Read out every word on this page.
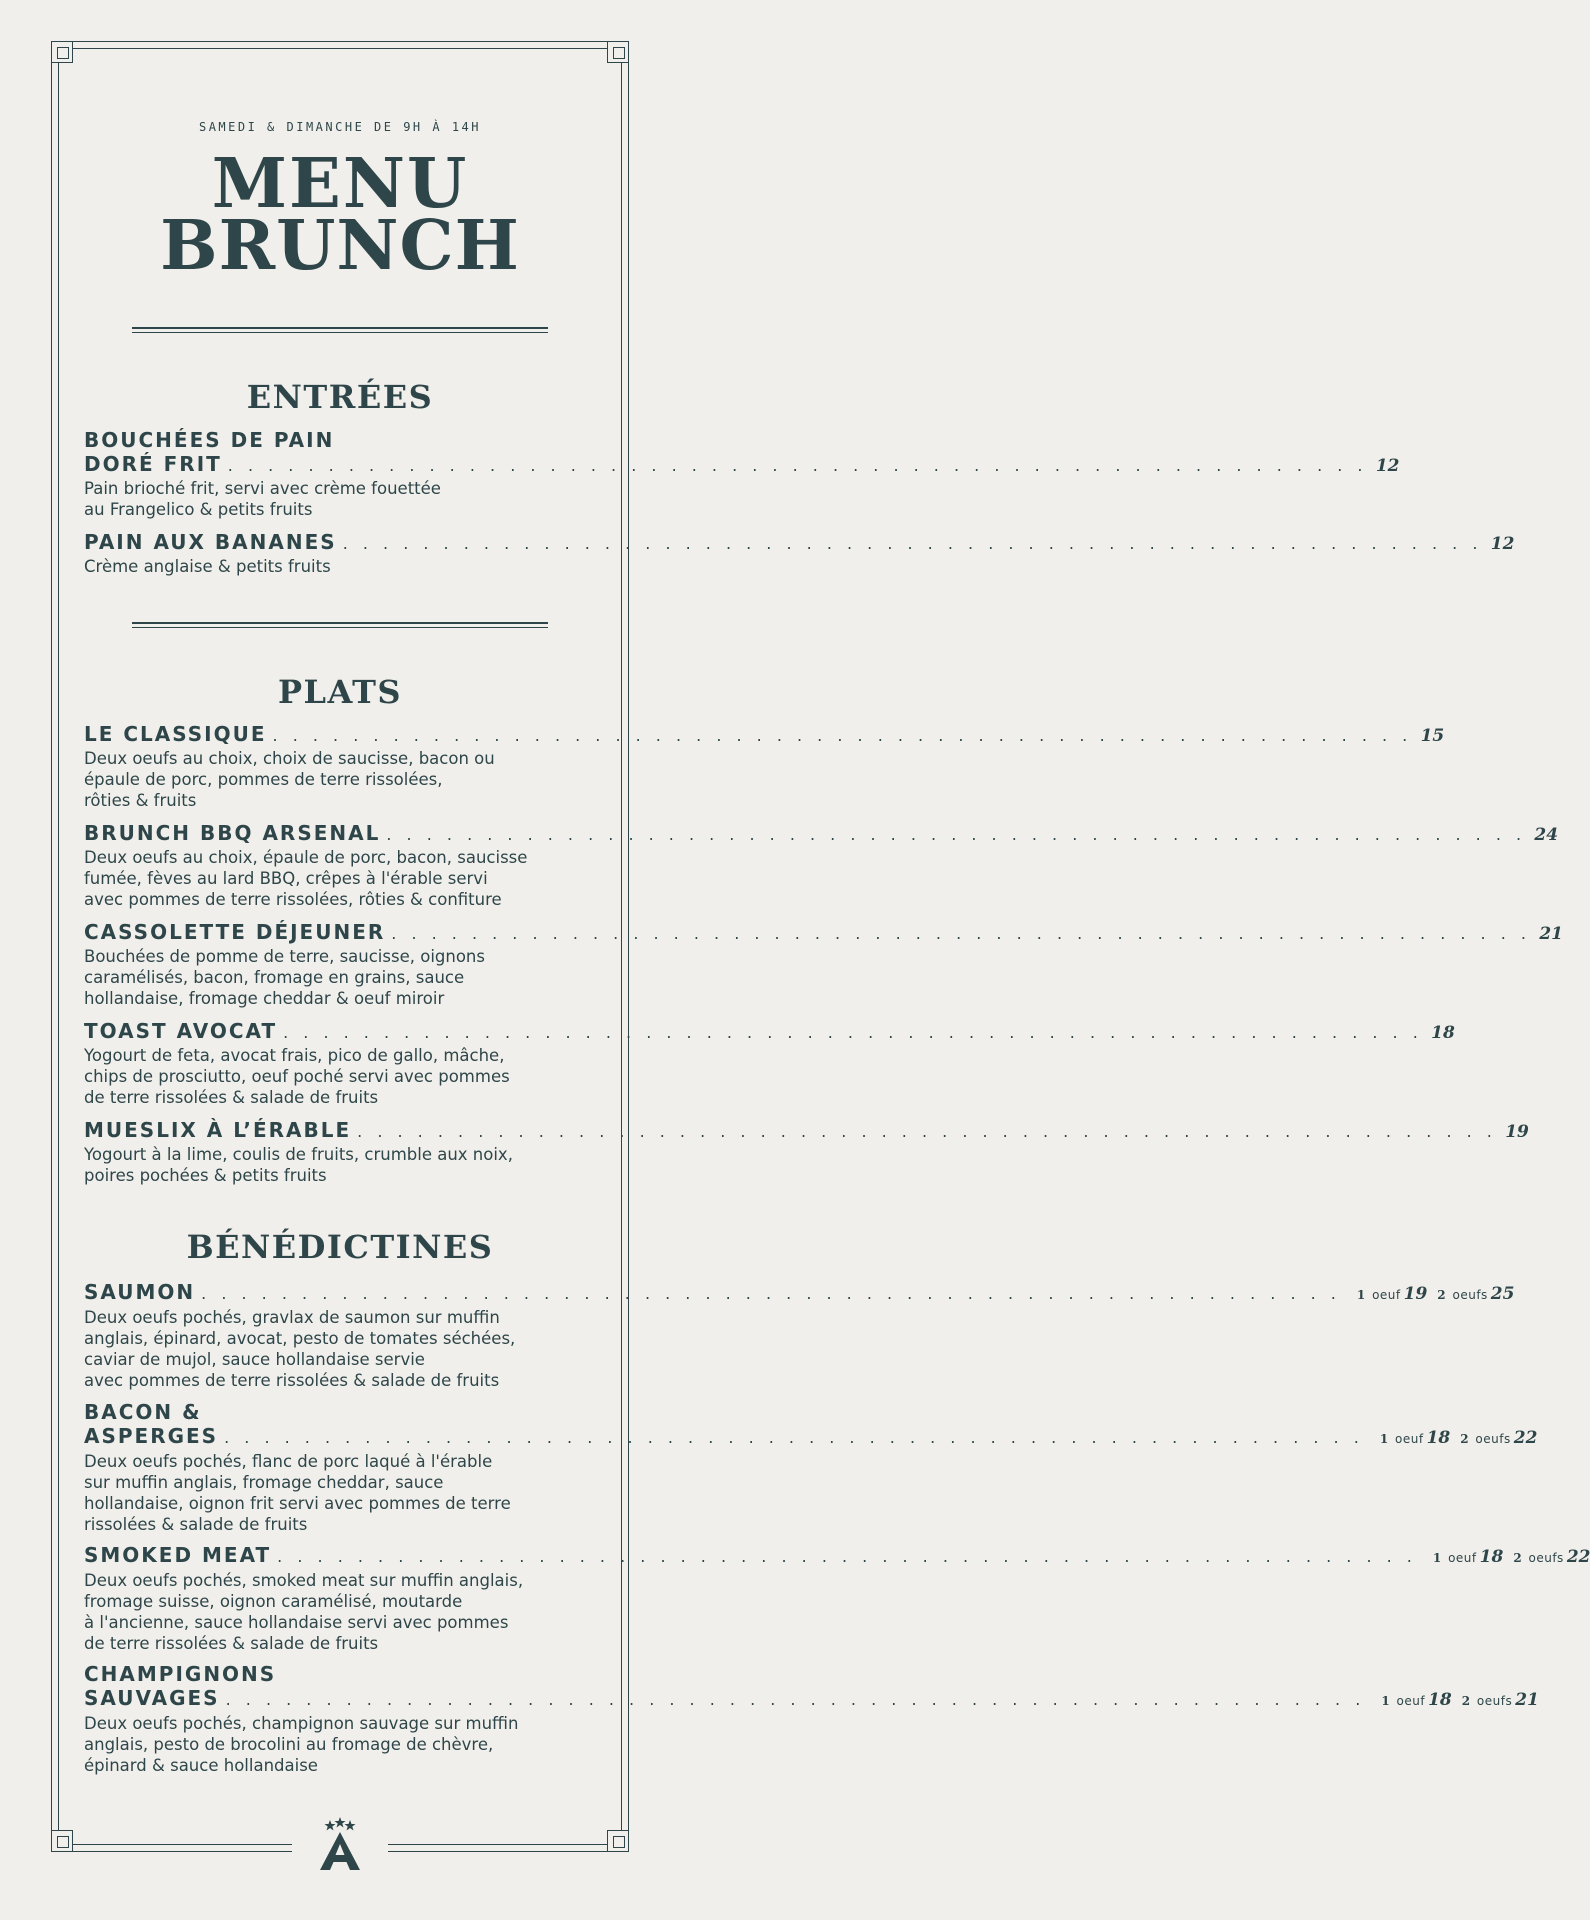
SAMEDI & DIMANCHE DE 9H À 14H
MENU
BRUNCH
ENTRÉES
BOUCHÉES DE PAIN
DORÉ FRIT . . . . . . . . . . . . . . . . . . . . . . . . . . . . . . . . . . . . . . . . . . . . . . . . . . . . . . . . . 12
Pain brioché frit, servi avec crème fouettée
au Frangelico & petits fruits
PAIN AUX BANANES . . . . . . . . . . . . . . . . . . . . . . . . . . . . . . . . . . . . . . . . . . . . . . . . . . . . . . . . . 12
Crème anglaise & petits fruits
PLATS
LE CLASSIQUE . . . . . . . . . . . . . . . . . . . . . . . . . . . . . . . . . . . . . . . . . . . . . . . . . . . . . . . . . 15
Deux oeufs au choix, choix de saucisse, bacon ou
épaule de porc, pommes de terre rissolées,
rôties & fruits
BRUNCH BBQ ARSENAL . . . . . . . . . . . . . . . . . . . . . . . . . . . . . . . . . . . . . . . . . . . . . . . . . . . . . . . . . 24
Deux oeufs au choix, épaule de porc, bacon, saucisse
fumée, fèves au lard BBQ, crêpes à l'érable servi
avec pommes de terre rissolées, rôties & confiture
CASSOLETTE DÉJEUNER . . . . . . . . . . . . . . . . . . . . . . . . . . . . . . . . . . . . . . . . . . . . . . . . . . . . . . . . . 21
Bouchées de pomme de terre, saucisse, oignons
caramélisés, bacon, fromage en grains, sauce
hollandaise, fromage cheddar & oeuf miroir
TOAST AVOCAT . . . . . . . . . . . . . . . . . . . . . . . . . . . . . . . . . . . . . . . . . . . . . . . . . . . . . . . . . 18
Yogourt de feta, avocat frais, pico de gallo, mâche,
chips de prosciutto, oeuf poché servi avec pommes
de terre rissolées & salade de fruits
MUESLIX À L’ÉRABLE . . . . . . . . . . . . . . . . . . . . . . . . . . . . . . . . . . . . . . . . . . . . . . . . . . . . . . . . . 19
Yogourt à la lime, coulis de fruits, crumble aux noix,
poires pochées & petits fruits
BÉNÉDICTINES
SAUMON . . . . . . . . . . . . . . . . . . . . . . . . . . . . . . . . . . . . . . . . . . . . . . . . . . . . . . . . . 1 oeuf 19 2 oeufs 25
Deux oeufs pochés, gravlax de saumon sur muffin
anglais, épinard, avocat, pesto de tomates séchées,
caviar de mujol, sauce hollandaise servie
avec pommes de terre rissolées & salade de fruits
BACON &
ASPERGES . . . . . . . . . . . . . . . . . . . . . . . . . . . . . . . . . . . . . . . . . . . . . . . . . . . . . . . . . 1 oeuf 18 2 oeufs 22
Deux oeufs pochés, flanc de porc laqué à l'érable
sur muffin anglais, fromage cheddar, sauce
hollandaise, oignon frit servi avec pommes de terre
rissolées & salade de fruits
SMOKED MEAT . . . . . . . . . . . . . . . . . . . . . . . . . . . . . . . . . . . . . . . . . . . . . . . . . . . . . . . . . 1 oeuf 18 2 oeufs 22
Deux oeufs pochés, smoked meat sur muffin anglais,
fromage suisse, oignon caramélisé, moutarde
à l'ancienne, sauce hollandaise servi avec pommes
de terre rissolées & salade de fruits
CHAMPIGNONS
SAUVAGES . . . . . . . . . . . . . . . . . . . . . . . . . . . . . . . . . . . . . . . . . . . . . . . . . . . . . . . . . 1 oeuf 18 2 oeufs 21
Deux oeufs pochés, champignon sauvage sur muffin
anglais, pesto de brocolini au fromage de chèvre,
épinard & sauce hollandaise
